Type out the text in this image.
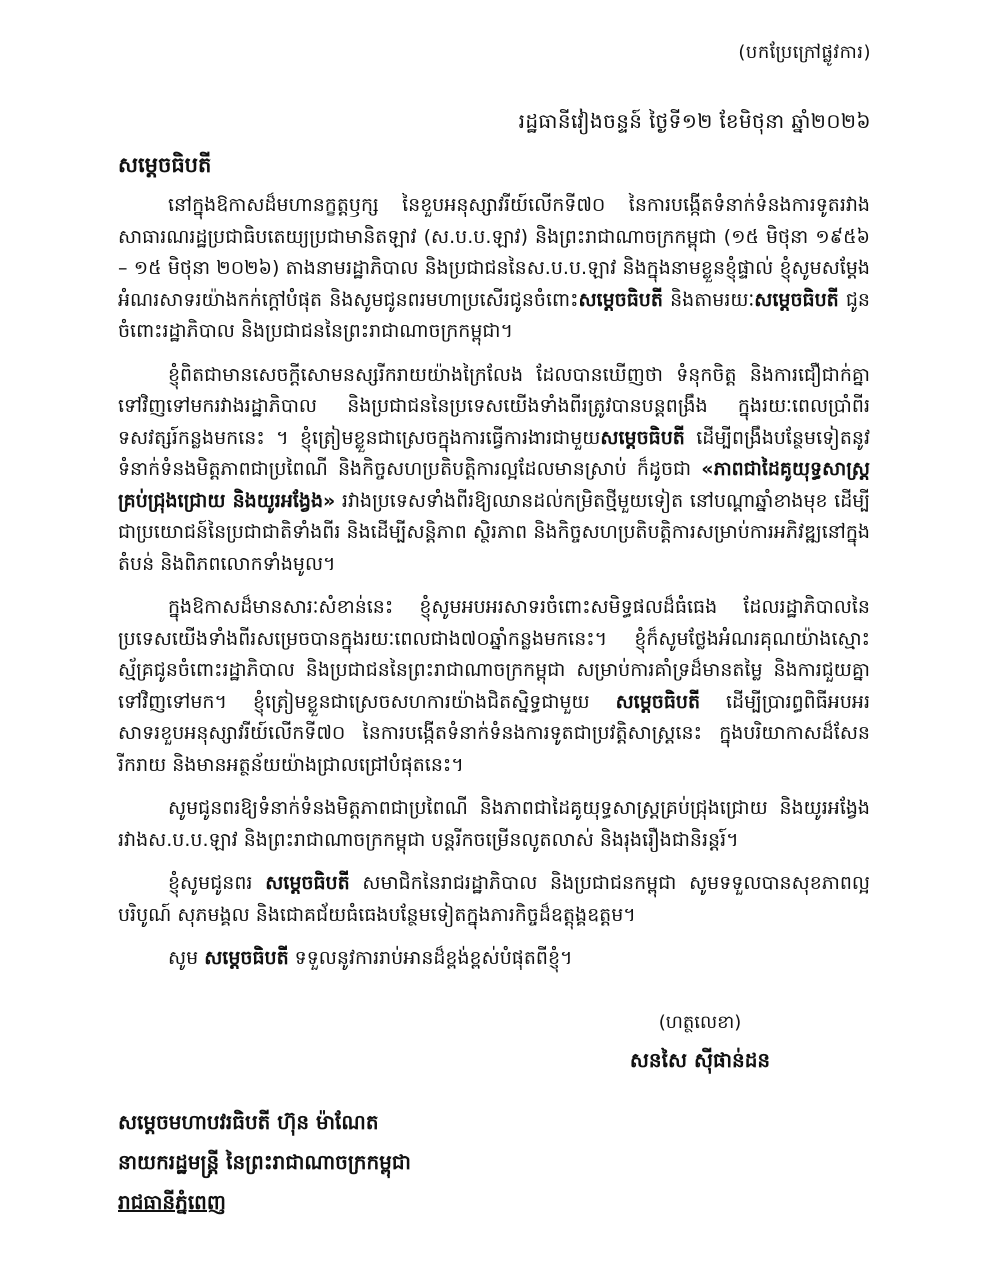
(បកប្រែក្រៅផ្លូវការ)
រដ្ឋធានីវៀងចន្ទន៍ ថ្ងៃទី១២ ខែមិថុនា ឆ្នាំ២០២៦
សម្តេចធិបតី

នៅក្នុងឱកាសដ៏មហានក្ខត្តឫក្ស នៃខួបអនុស្សាវរីយ៍លើកទី៧០ នៃការបង្កើតទំនាក់ទំនងការទូតរវាងសាធារណរដ្ឋប្រជាធិបតេយ្យប្រជាមានិតឡាវ (ស.ប.ប.ឡាវ) និងព្រះរាជាណាចក្រកម្ពុជា (១៥ មិថុនា ១៩៥៦ – ១៥ មិថុនា ២០២៦) តាងនាមរដ្ឋាភិបាល និងប្រជាជននៃស.ប.ប.ឡាវ និងក្នុងនាមខ្លួនខ្ញុំផ្ទាល់ ខ្ញុំសូមសម្តែងអំណរសាទរយ៉ាងកក់ក្តៅបំផុត និងសូមជូនពរមហាប្រសើរជូនចំពោះសម្តេចធិបតី និងតាមរយៈសម្តេចធិបតី ជូនចំពោះរដ្ឋាភិបាល និងប្រជាជននៃព្រះរាជាណាចក្រកម្ពុជា។

ខ្ញុំពិតជាមានសេចក្តីសោមនស្សរីករាយយ៉ាងក្រៃលែង ដែលបានឃើញថា ទំនុកចិត្ត និងការជឿជាក់គ្នាទៅវិញទៅមករវាងរដ្ឋាភិបាល និងប្រជាជននៃប្រទេសយើងទាំងពីរត្រូវបានបន្តពង្រឹង ក្នុងរយៈពេលប្រាំពីរទសវត្សរ៍កន្លងមកនេះ ។ ខ្ញុំត្រៀមខ្លួនជាស្រេចក្នុងការធ្វើការងារជាមួយសម្តេចធិបតី ដើម្បីពង្រឹងបន្ថែមទៀតនូវទំនាក់ទំនងមិត្តភាពជាប្រពៃណី និងកិច្ចសហប្រតិបត្តិការល្អដែលមានស្រាប់ ក៏ដូចជា «ភាពជាដៃគូយុទ្ធសាស្ត្រគ្រប់ជ្រុងជ្រោយ និងយូរអង្វែង» រវាងប្រទេសទាំងពីរឱ្យឈានដល់កម្រិតថ្មីមួយទៀត នៅបណ្តាឆ្នាំខាងមុខ ដើម្បីជាប្រយោជន៍នៃប្រជាជាតិទាំងពីរ និងដើម្បីសន្តិភាព ស្ថិរភាព និងកិច្ចសហប្រតិបត្តិការសម្រាប់ការអភិវឌ្ឍនៅក្នុងតំបន់ និងពិភពលោកទាំងមូល។

ក្នុងឱកាសដ៏មានសារៈសំខាន់នេះ ខ្ញុំសូមអបអរសាទរចំពោះសមិទ្ធផលដ៏ធំធេង ដែលរដ្ឋាភិបាលនៃប្រទេសយើងទាំងពីរសម្រេចបានក្នុងរយៈពេលជាង៧០ឆ្នាំកន្លងមកនេះ។ ខ្ញុំក៏សូមថ្លែងអំណរគុណយ៉ាងស្មោះស្ម័គ្រជូនចំពោះរដ្ឋាភិបាល និងប្រជាជននៃព្រះរាជាណាចក្រកម្ពុជា សម្រាប់ការគាំទ្រដ៏មានតម្លៃ និងការជួយគ្នាទៅវិញទៅមក។ ខ្ញុំត្រៀមខ្លួនជាស្រេចសហការយ៉ាងជិតស្និទ្ធជាមួយ សម្តេចធិបតី ដើម្បីប្រារព្ធពិធីអបអរសាទរខួបអនុស្សាវរីយ៍លើកទី៧០ នៃការបង្កើតទំនាក់ទំនងការទូតជាប្រវត្តិសាស្ត្រនេះ ក្នុងបរិយាកាសដ៏សែនរីករាយ និងមានអត្ថន័យយ៉ាងជ្រាលជ្រៅបំផុតនេះ។

សូមជូនពរឱ្យទំនាក់ទំនងមិត្តភាពជាប្រពៃណី និងភាពជាដៃគូយុទ្ធសាស្ត្រគ្រប់ជ្រុងជ្រោយ និងយូរអង្វែង រវាងស.ប.ប.ឡាវ និងព្រះរាជាណាចក្រកម្ពុជា បន្តរីកចម្រើនលូតលាស់ និងរុងរឿងជានិរន្តរ៍។

ខ្ញុំសូមជូនពរ សម្តេចធិបតី សមាជិកនៃរាជរដ្ឋាភិបាល និងប្រជាជនកម្ពុជា សូមទទួលបានសុខភាពល្អបរិបូណ៍ សុភមង្គល និងជោគជ័យធំធេងបន្ថែមទៀតក្នុងភារកិច្ចដ៏ឧត្តុង្គឧត្តម។

សូម សម្តេចធិបតី ទទួលនូវការរាប់អានដ៏ខ្ពង់ខ្ពស់បំផុតពីខ្ញុំ។

(ហត្ថលេខា)
សនសៃ ស៊ីផាន់ដន
សម្តេចមហាបវរធិបតី ហ៊ុន ម៉ាណែត
នាយករដ្ឋមន្ត្រី នៃព្រះរាជាណាចក្រកម្ពុជា
រាជធានីភ្នំពេញ
